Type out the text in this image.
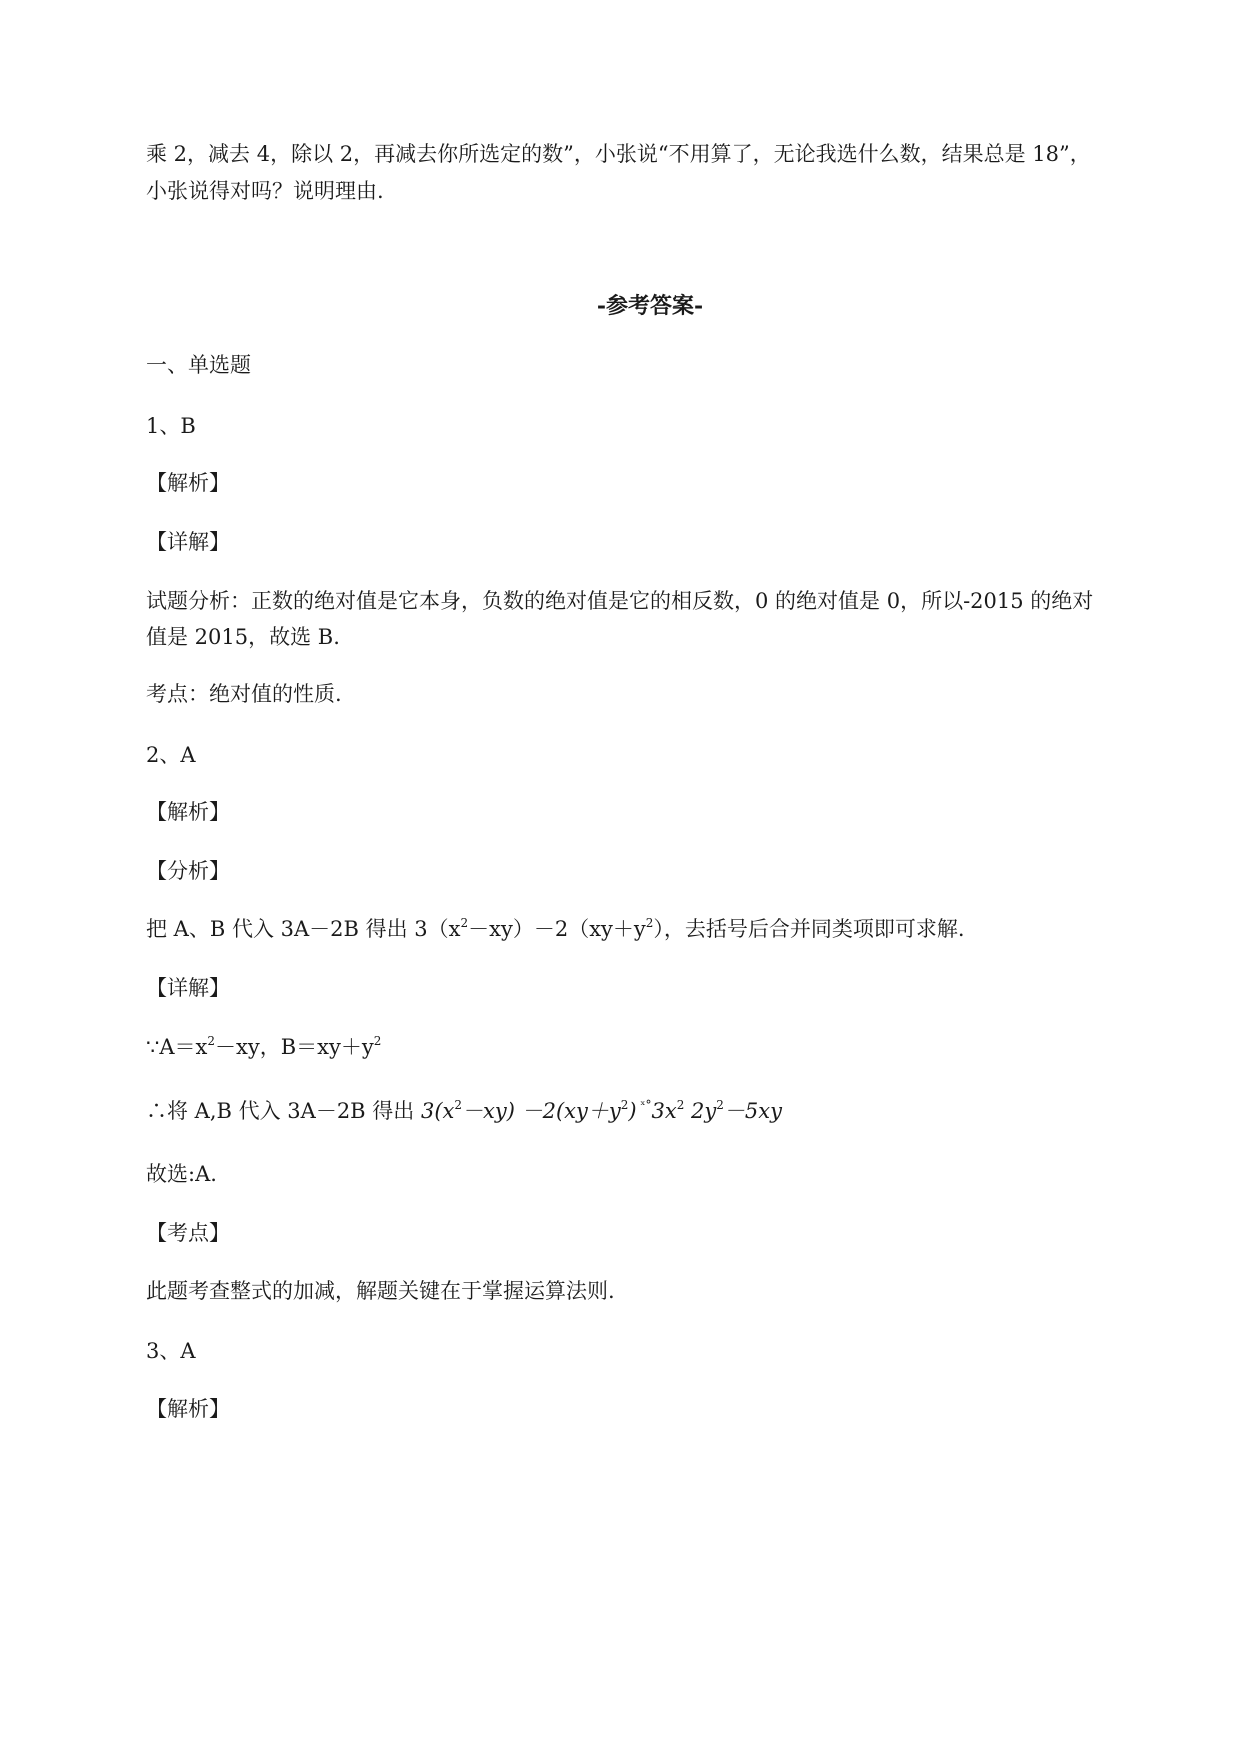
乘 2，减去 4，除以 2，再减去你所选定的数”，小张说“不用算了，无论我选什么数，结果总是 18”，

小张说得对吗？说明理由.

-参考答案-

一、单选题

1、B

【解析】

【详解】

试题分析：正数的绝对值是它本身，负数的绝对值是它的相反数，0 的绝对值是 0，所以-2015 的绝对

值是 2015，故选 B.

考点：绝对值的性质.

2、A

【解析】

【分析】

把 A、B 代入 3A－2B 得出 $3(x^2-xy)-2(xy+y^2)$，去括号后合并同类项即可求解.

【详解】

$\because A=x^2-xy$，$B=xy+y^2$

∴将 A,B 代入 3A－2B 得出 $3(x^2-xy) -2(xy+y^2)$ $^{ˣ^\circ}3x^2$ $2y^2-5xy$

故选:A.

【考点】

此题考查整式的加减，解题关键在于掌握运算法则.

3、A

【解析】
